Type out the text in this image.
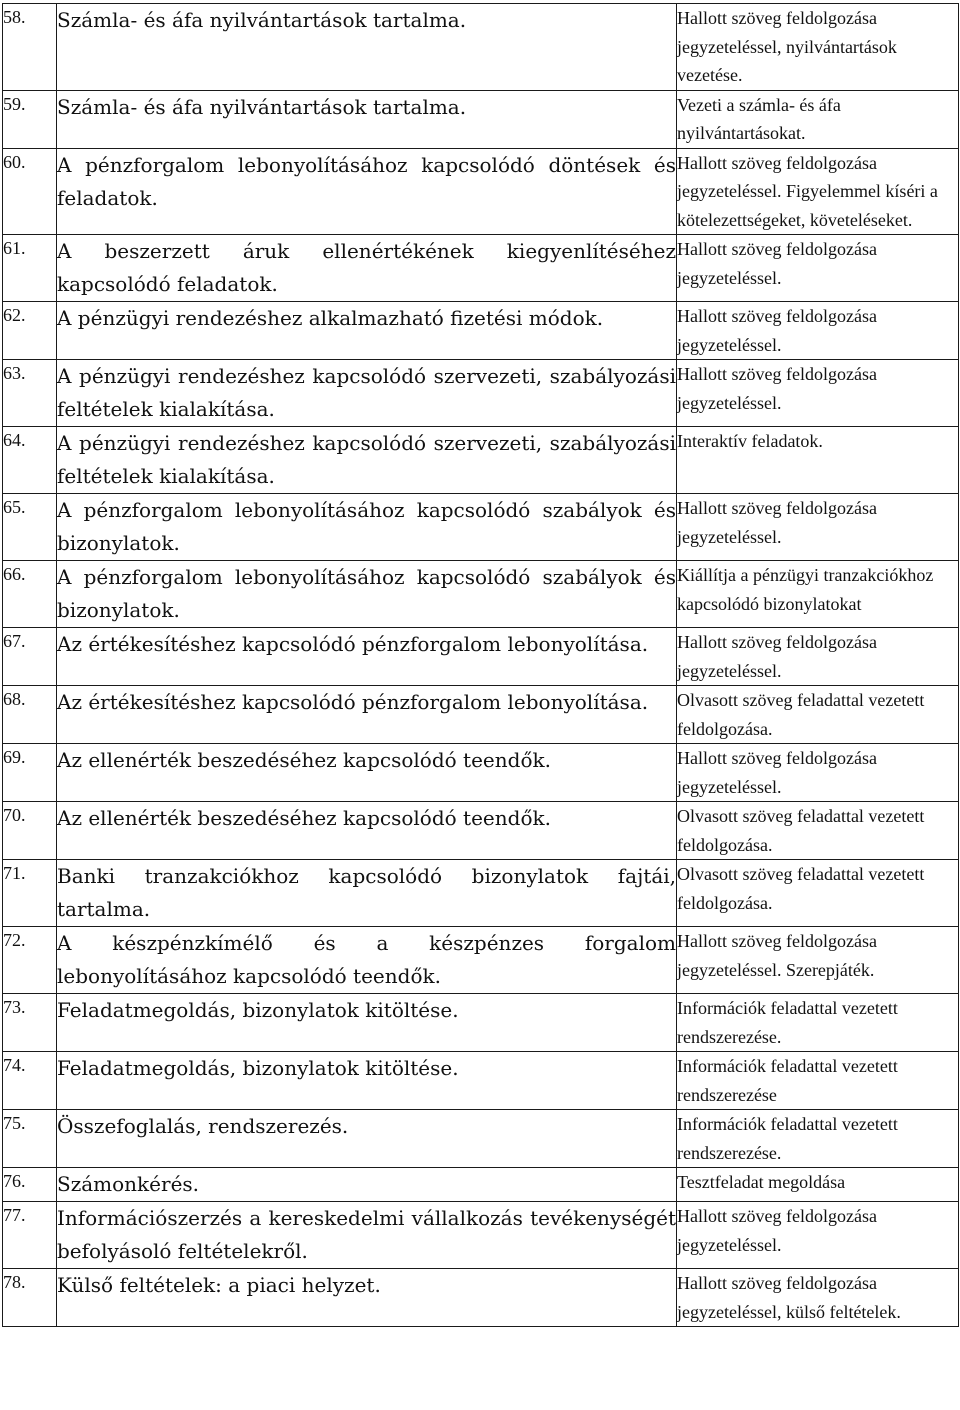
58.	Számla- és áfa nyilvántartások tartalma.	Hallott szöveg feldolgozása jegyzeteléssel, nyilvántartások vezetése.
59.	Számla- és áfa nyilvántartások tartalma.	Vezeti a számla- és áfa nyilvántartásokat.
60.	A pénzforgalom lebonyolításához kapcsolódó döntések és feladatok.	Hallott szöveg feldolgozása jegyzeteléssel. Figyelemmel kíséri a kötelezettségeket, követeléseket.
61.	A beszerzett áruk ellenértékének kiegyenlítéséhez kapcsolódó feladatok.	Hallott szöveg feldolgozása jegyzeteléssel.
62.	A pénzügyi rendezéshez alkalmazható fizetési módok.	Hallott szöveg feldolgozása jegyzeteléssel.
63.	A pénzügyi rendezéshez kapcsolódó szervezeti, szabályozási feltételek kialakítása.	Hallott szöveg feldolgozása jegyzeteléssel.
64.	A pénzügyi rendezéshez kapcsolódó szervezeti, szabályozási feltételek kialakítása.	Interaktív feladatok.
65.	A pénzforgalom lebonyolításához kapcsolódó szabályok és bizonylatok.	Hallott szöveg feldolgozása jegyzeteléssel.
66.	A pénzforgalom lebonyolításához kapcsolódó szabályok és bizonylatok.	Kiállítja a pénzügyi tranzakciókhoz kapcsolódó bizonylatokat
67.	Az értékesítéshez kapcsolódó pénzforgalom lebonyolítása.	Hallott szöveg feldolgozása jegyzeteléssel.
68.	Az értékesítéshez kapcsolódó pénzforgalom lebonyolítása.	Olvasott szöveg feladattal vezetett feldolgozása.
69.	Az ellenérték beszedéséhez kapcsolódó teendők.	Hallott szöveg feldolgozása jegyzeteléssel.
70.	Az ellenérték beszedéséhez kapcsolódó teendők.	Olvasott szöveg feladattal vezetett feldolgozása.
71.	Banki tranzakciókhoz kapcsolódó bizonylatok fajtái, tartalma.	Olvasott szöveg feladattal vezetett feldolgozása.
72.	A készpénzkímélő és a készpénzes forgalom lebonyolításához kapcsolódó teendők.	Hallott szöveg feldolgozása jegyzeteléssel. Szerepjáték.
73.	Feladatmegoldás, bizonylatok kitöltése.	Információk feladattal vezetett rendszerezése.
74.	Feladatmegoldás, bizonylatok kitöltése.	Információk feladattal vezetett rendszerezése
75.	Összefoglalás, rendszerezés.	Információk feladattal vezetett rendszerezése.
76.	Számonkérés.	Tesztfeladat megoldása
77.	Információszerzés a kereskedelmi vállalkozás tevékenységét befolyásoló feltételekről.	Hallott szöveg feldolgozása jegyzeteléssel.
78.	Külső feltételek: a piaci helyzet.	Hallott szöveg feldolgozása jegyzeteléssel, külső feltételek.
